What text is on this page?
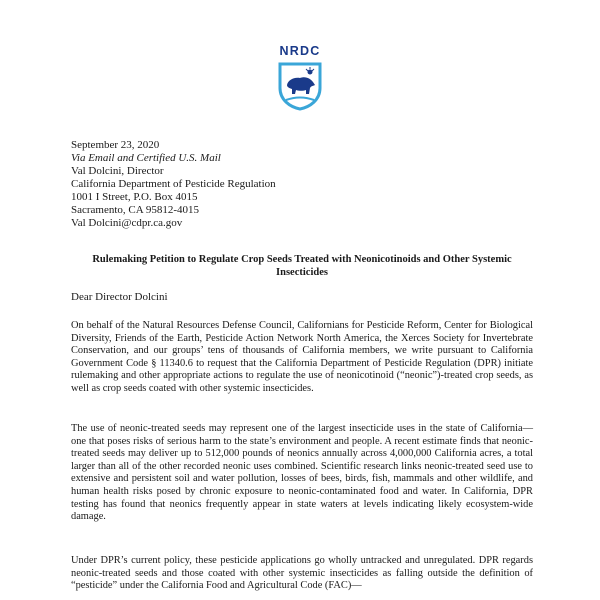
NRDC
September 23, 2020
Via Email and Certified U.S. Mail
Val Dolcini, Director
California Department of Pesticide Regulation
1001 I Street, P.O. Box 4015
Sacramento, CA 95812-4015
Val Dolcini@cdpr.ca.gov
Rulemaking Petition to Regulate Crop Seeds Treated with Neonicotinoids and Other Systemic Insecticides
Dear Director Dolcini
On behalf of the Natural Resources Defense Council, Californians for Pesticide Reform, Center for Biological Diversity, Friends of the Earth, Pesticide Action Network North America, the Xerces Society for Invertebrate Conservation, and our groups’ tens of thousands of California members, we write pursuant to California Government Code § 11340.6 to request that the California Department of Pesticide Regulation (DPR) initiate rulemaking and other appropriate actions to regulate the use of neonicotinoid (“neonic”)-treated crop seeds, as well as crop seeds coated with other systemic insecticides.
The use of neonic-treated seeds may represent one of the largest insecticide uses in the state of California—one that poses risks of serious harm to the state’s environment and people. A recent estimate finds that neonic-treated seeds may deliver up to 512,000 pounds of neonics annually across 4,000,000 California acres, a total larger than all of the other recorded neonic uses combined. Scientific research links neonic-treated seed use to extensive and persistent soil and water pollution, losses of bees, birds, fish, mammals and other wildlife, and human health risks posed by chronic exposure to neonic-contaminated food and water. In California, DPR testing has found that neonics frequently appear in state waters at levels indicating likely ecosystem-wide damage.
Under DPR’s current policy, these pesticide applications go wholly untracked and unregulated. DPR regards neonic-treated seeds and those coated with other systemic insecticides as falling outside the definition of “pesticide” under the California Food and Agricultural Code (FAC)—
